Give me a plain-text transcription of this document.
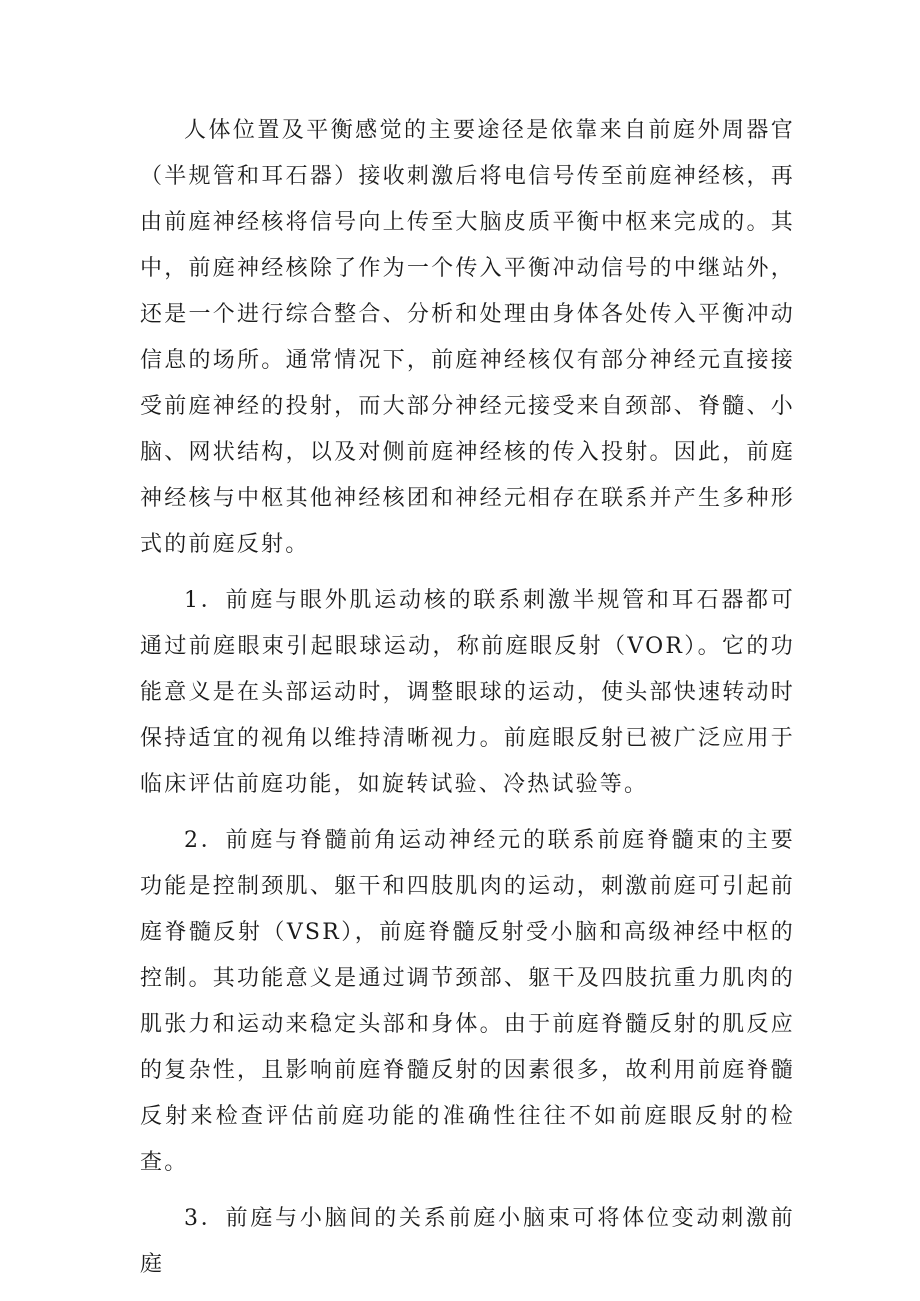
人体位置及平衡感觉的主要途径是依靠来自前庭外周器官（半规管和耳石器）接收刺激后将电信号传至前庭神经核，再由前庭神经核将信号向上传至大脑皮质平衡中枢来完成的。其中，前庭神经核除了作为一个传入平衡冲动信号的中继站外，还是一个进行综合整合、分析和处理由身体各处传入平衡冲动信息的场所。通常情况下，前庭神经核仅有部分神经元直接接受前庭神经的投射，而大部分神经元接受来自颈部、脊髓、小脑、网状结构，以及对侧前庭神经核的传入投射。因此，前庭神经核与中枢其他神经核团和神经元相存在联系并产生多种形式的前庭反射。

1．前庭与眼外肌运动核的联系刺激半规管和耳石器都可通过前庭眼束引起眼球运动，称前庭眼反射（VOR）。它的功能意义是在头部运动时，调整眼球的运动，使头部快速转动时保持适宜的视角以维持清晰视力。前庭眼反射已被广泛应用于临床评估前庭功能，如旋转试验、冷热试验等。

2．前庭与脊髓前角运动神经元的联系前庭脊髓束的主要功能是控制颈肌、躯干和四肢肌肉的运动，刺激前庭可引起前庭脊髓反射（VSR），前庭脊髓反射受小脑和高级神经中枢的控制。其功能意义是通过调节颈部、躯干及四肢抗重力肌肉的肌张力和运动来稳定头部和身体。由于前庭脊髓反射的肌反应的复杂性，且影响前庭脊髓反射的因素很多，故利用前庭脊髓反射来检查评估前庭功能的准确性往往不如前庭眼反射的检查。

3．前庭与小脑间的关系前庭小脑束可将体位变动刺激前庭
